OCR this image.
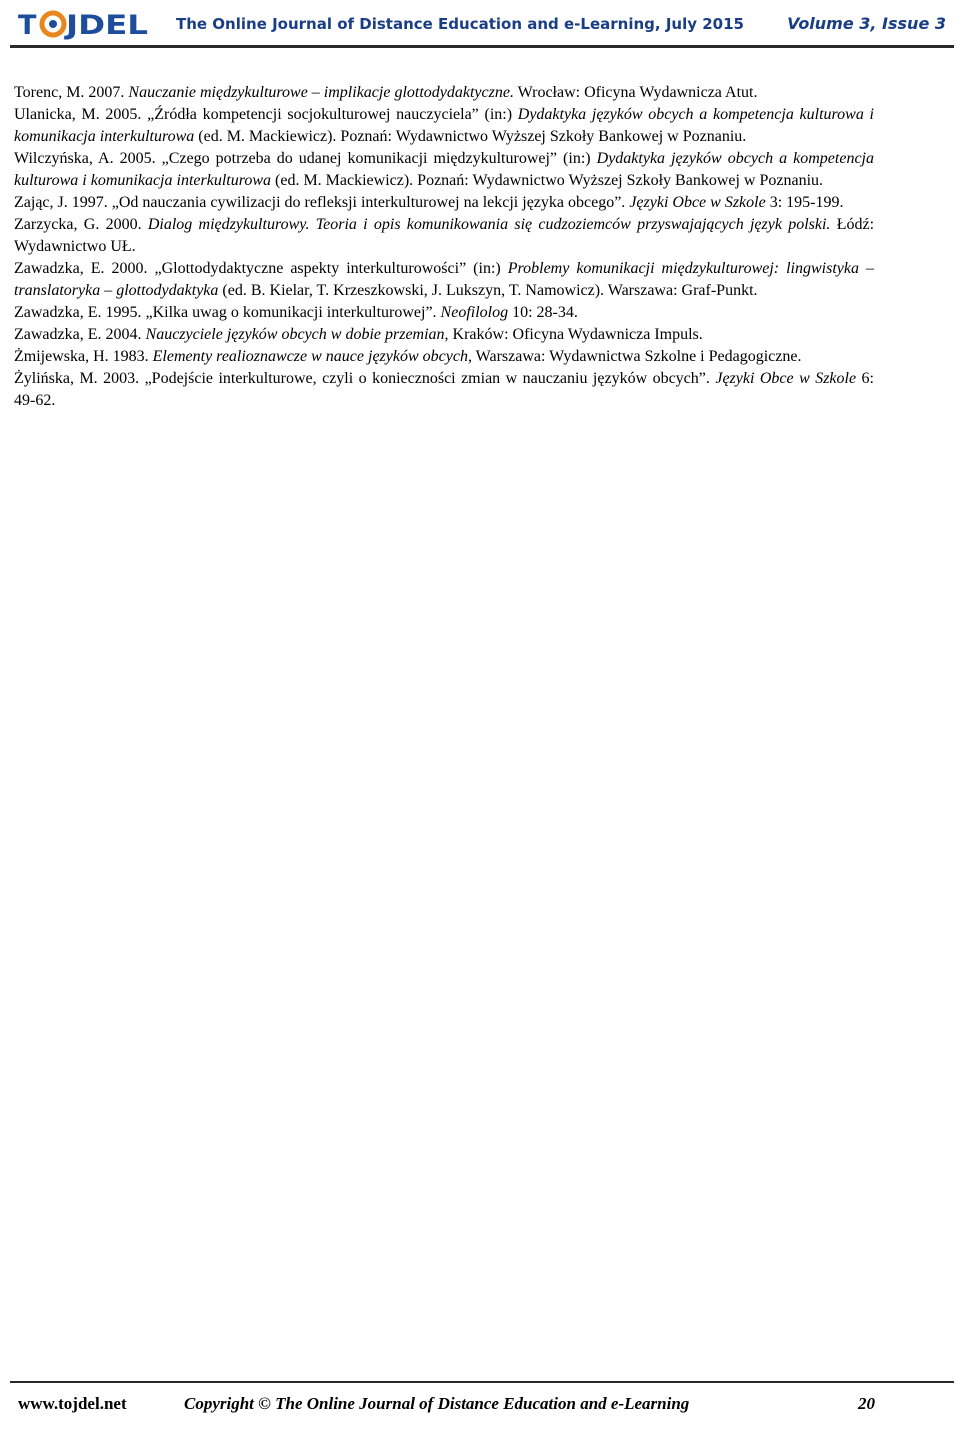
T JDEL The Online Journal of Distance Education and e-Learning, July 2015	Volume 3, Issue 3

Torenc, M. 2007. Nauczanie międzykulturowe – implikacje glottodydaktyczne. Wrocław: Oficyna Wydawnicza Atut.

Ulanicka, M. 2005. „Źródła kompetencji socjokulturowej nauczyciela” (in:) Dydaktyka języków obcych a kompetencja kulturowa i komunikacja interkulturowa (ed. M. Mackiewicz). Poznań: Wydawnictwo Wyższej Szkoły Bankowej w Poznaniu.

Wilczyńska, A. 2005. „Czego potrzeba do udanej komunikacji międzykulturowej” (in:) Dydaktyka języków obcych a kompetencja kulturowa i komunikacja interkulturowa (ed. M. Mackiewicz). Poznań: Wydawnictwo Wyższej Szkoły Bankowej w Poznaniu.

Zając, J. 1997. „Od nauczania cywilizacji do refleksji interkulturowej na lekcji języka obcego”. Języki Obce w Szkole 3: 195-199.

Zarzycka, G. 2000. Dialog międzykulturowy. Teoria i opis komunikowania się cudzoziemców przyswajających język polski. Łódź: Wydawnictwo UŁ.

Zawadzka, E. 2000. „Glottodydaktyczne aspekty interkulturowości” (in:) Problemy komunikacji międzykulturowej: lingwistyka – translatoryka – glottodydaktyka (ed. B. Kielar, T. Krzeszkowski, J. Lukszyn, T. Namowicz). Warszawa: Graf-Punkt.

Zawadzka, E. 1995. „Kilka uwag o komunikacji interkulturowej”. Neofilolog 10: 28-34.

Zawadzka, E. 2004. Nauczyciele języków obcych w dobie przemian, Kraków: Oficyna Wydawnicza Impuls.

Żmijewska, H. 1983. Elementy realioznawcze w nauce języków obcych, Warszawa: Wydawnictwa Szkolne i Pedagogiczne.

Żylińska, M. 2003. „Podejście interkulturowe, czyli o konieczności zmian w nauczaniu języków obcych”. Języki Obce w Szkole 6: 49-62.

www.tojdel.net	Copyright © The Online Journal of Distance Education and e-Learning	20
